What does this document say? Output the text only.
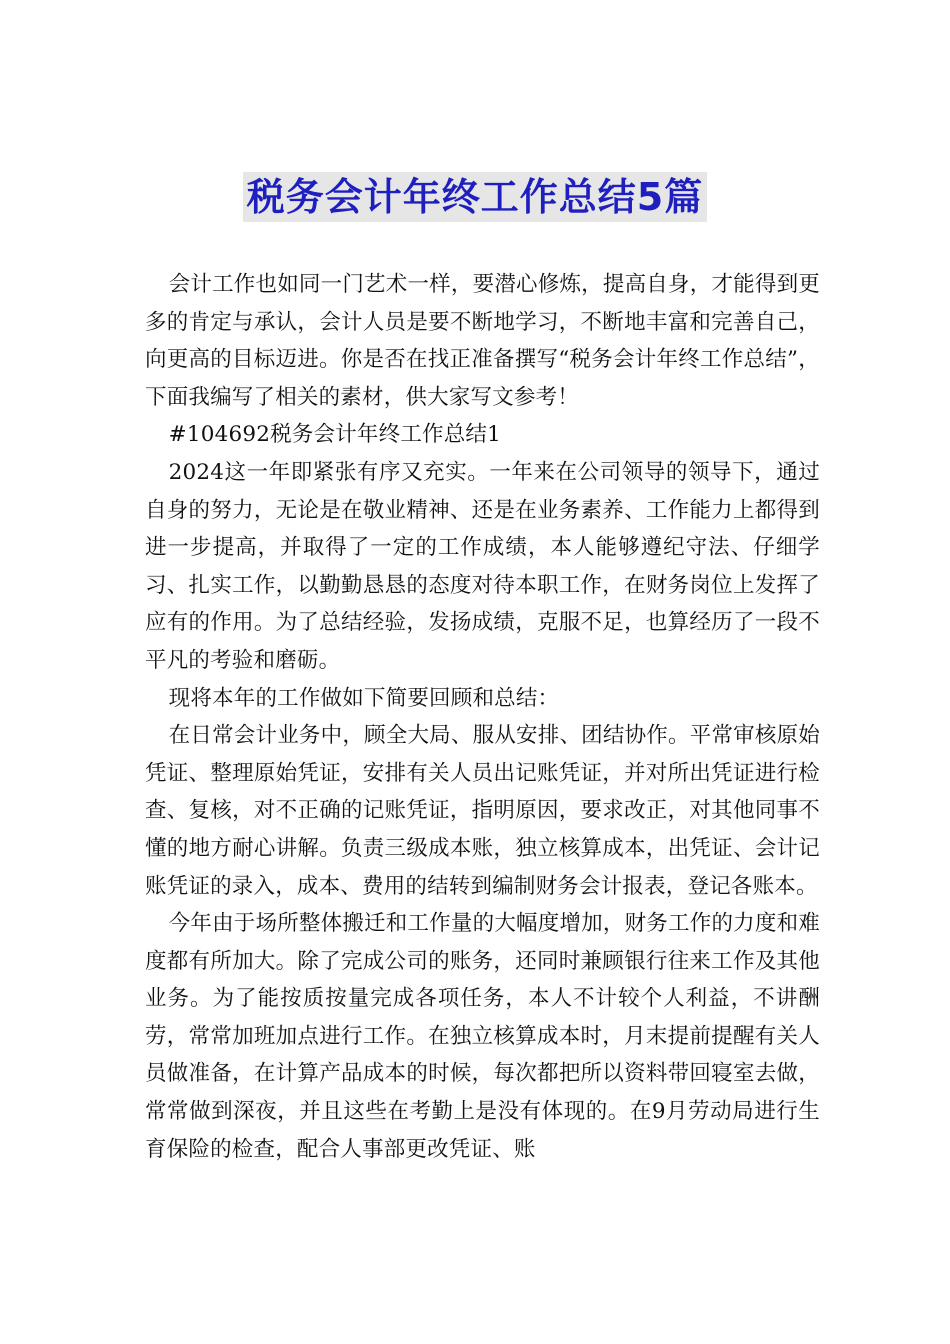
税务会计年终工作总结5篇

会计工作也如同一门艺术一样，要潜心修炼，提高自身，才能得到更多的肯定与承认，会计人员是要不断地学习，不断地丰富和完善自己，向更高的目标迈进。你是否在找正准备撰写“税务会计年终工作总结”，下面我编写了相关的素材，供大家写文参考！

#104692税务会计年终工作总结1

2024这一年即紧张有序又充实。一年来在公司领导的领导下，通过自身的努力，无论是在敬业精神、还是在业务素养、工作能力上都得到进一步提高，并取得了一定的工作成绩，本人能够遵纪守法、仔细学习、扎实工作，以勤勤恳恳的态度对待本职工作，在财务岗位上发挥了应有的作用。为了总结经验，发扬成绩，克服不足，也算经历了一段不平凡的考验和磨砺。

现将本年的工作做如下简要回顾和总结：

在日常会计业务中，顾全大局、服从安排、团结协作。平常审核原始凭证、整理原始凭证，安排有关人员出记账凭证，并对所出凭证进行检查、复核，对不正确的记账凭证，指明原因，要求改正，对其他同事不懂的地方耐心讲解。负责三级成本账，独立核算成本，出凭证、会计记账凭证的录入，成本、费用的结转到编制财务会计报表，登记各账本。

今年由于场所整体搬迁和工作量的大幅度增加，财务工作的力度和难度都有所加大。除了完成公司的账务，还同时兼顾银行往来工作及其他业务。为了能按质按量完成各项任务，本人不计较个人利益，不讲酬劳，常常加班加点进行工作。在独立核算成本时，月末提前提醒有关人员做准备，在计算产品成本的时候，每次都把所以资料带回寝室去做，常常做到深夜，并且这些在考勤上是没有体现的。在9月劳动局进行生育保险的检查，配合人事部更改凭证、账
